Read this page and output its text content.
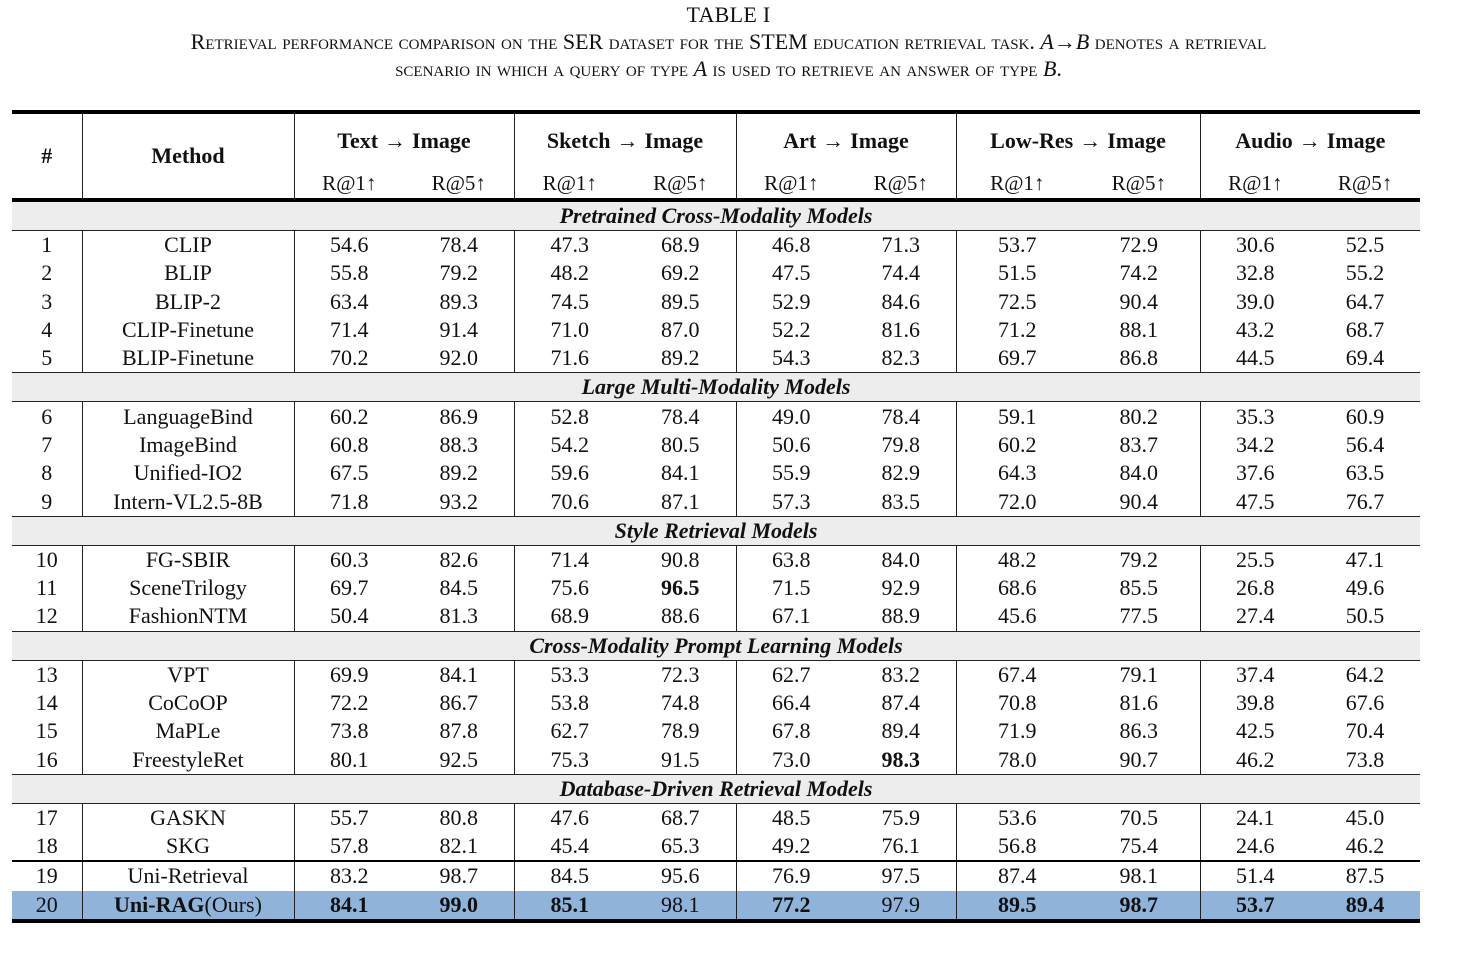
TABLE I
Retrieval performance comparison on the SER dataset for the STEM education retrieval task. A→B denotes a retrieval
scenario in which a query of type A is used to retrieve an answer of type B.
#	Method	Text → Image		Sketch → Image		Art → Image		Low-Res → Image		Audio → Image	
		R@1↑	R@5↑	R@1↑	R@5↑	R@1↑	R@5↑	R@1↑	R@5↑	R@1↑	R@5↑
Pretrained Cross-Modality Models											
1	CLIP	54.6	78.4	47.3	68.9	46.8	71.3	53.7	72.9	30.6	52.5
2	BLIP	55.8	79.2	48.2	69.2	47.5	74.4	51.5	74.2	32.8	55.2
3	BLIP-2	63.4	89.3	74.5	89.5	52.9	84.6	72.5	90.4	39.0	64.7
4	CLIP-Finetune	71.4	91.4	71.0	87.0	52.2	81.6	71.2	88.1	43.2	68.7
5	BLIP-Finetune	70.2	92.0	71.6	89.2	54.3	82.3	69.7	86.8	44.5	69.4
Large Multi-Modality Models											
6	LanguageBind	60.2	86.9	52.8	78.4	49.0	78.4	59.1	80.2	35.3	60.9
7	ImageBind	60.8	88.3	54.2	80.5	50.6	79.8	60.2	83.7	34.2	56.4
8	Unified-IO2	67.5	89.2	59.6	84.1	55.9	82.9	64.3	84.0	37.6	63.5
9	Intern-VL2.5-8B	71.8	93.2	70.6	87.1	57.3	83.5	72.0	90.4	47.5	76.7
Style Retrieval Models											
10	FG-SBIR	60.3	82.6	71.4	90.8	63.8	84.0	48.2	79.2	25.5	47.1
11	SceneTrilogy	69.7	84.5	75.6	96.5	71.5	92.9	68.6	85.5	26.8	49.6
12	FashionNTM	50.4	81.3	68.9	88.6	67.1	88.9	45.6	77.5	27.4	50.5
Cross-Modality Prompt Learning Models											
13	VPT	69.9	84.1	53.3	72.3	62.7	83.2	67.4	79.1	37.4	64.2
14	CoCoOP	72.2	86.7	53.8	74.8	66.4	87.4	70.8	81.6	39.8	67.6
15	MaPLe	73.8	87.8	62.7	78.9	67.8	89.4	71.9	86.3	42.5	70.4
16	FreestyleRet	80.1	92.5	75.3	91.5	73.0	98.3	78.0	90.7	46.2	73.8
Database-Driven Retrieval Models											
17	GASKN	55.7	80.8	47.6	68.7	48.5	75.9	53.6	70.5	24.1	45.0
18	SKG	57.8	82.1	45.4	65.3	49.2	76.1	56.8	75.4	24.6	46.2
19	Uni-Retrieval	83.2	98.7	84.5	95.6	76.9	97.5	87.4	98.1	51.4	87.5
20	Uni-RAG(Ours)	84.1	99.0	85.1	98.1	77.2	97.9	89.5	98.7	53.7	89.4
